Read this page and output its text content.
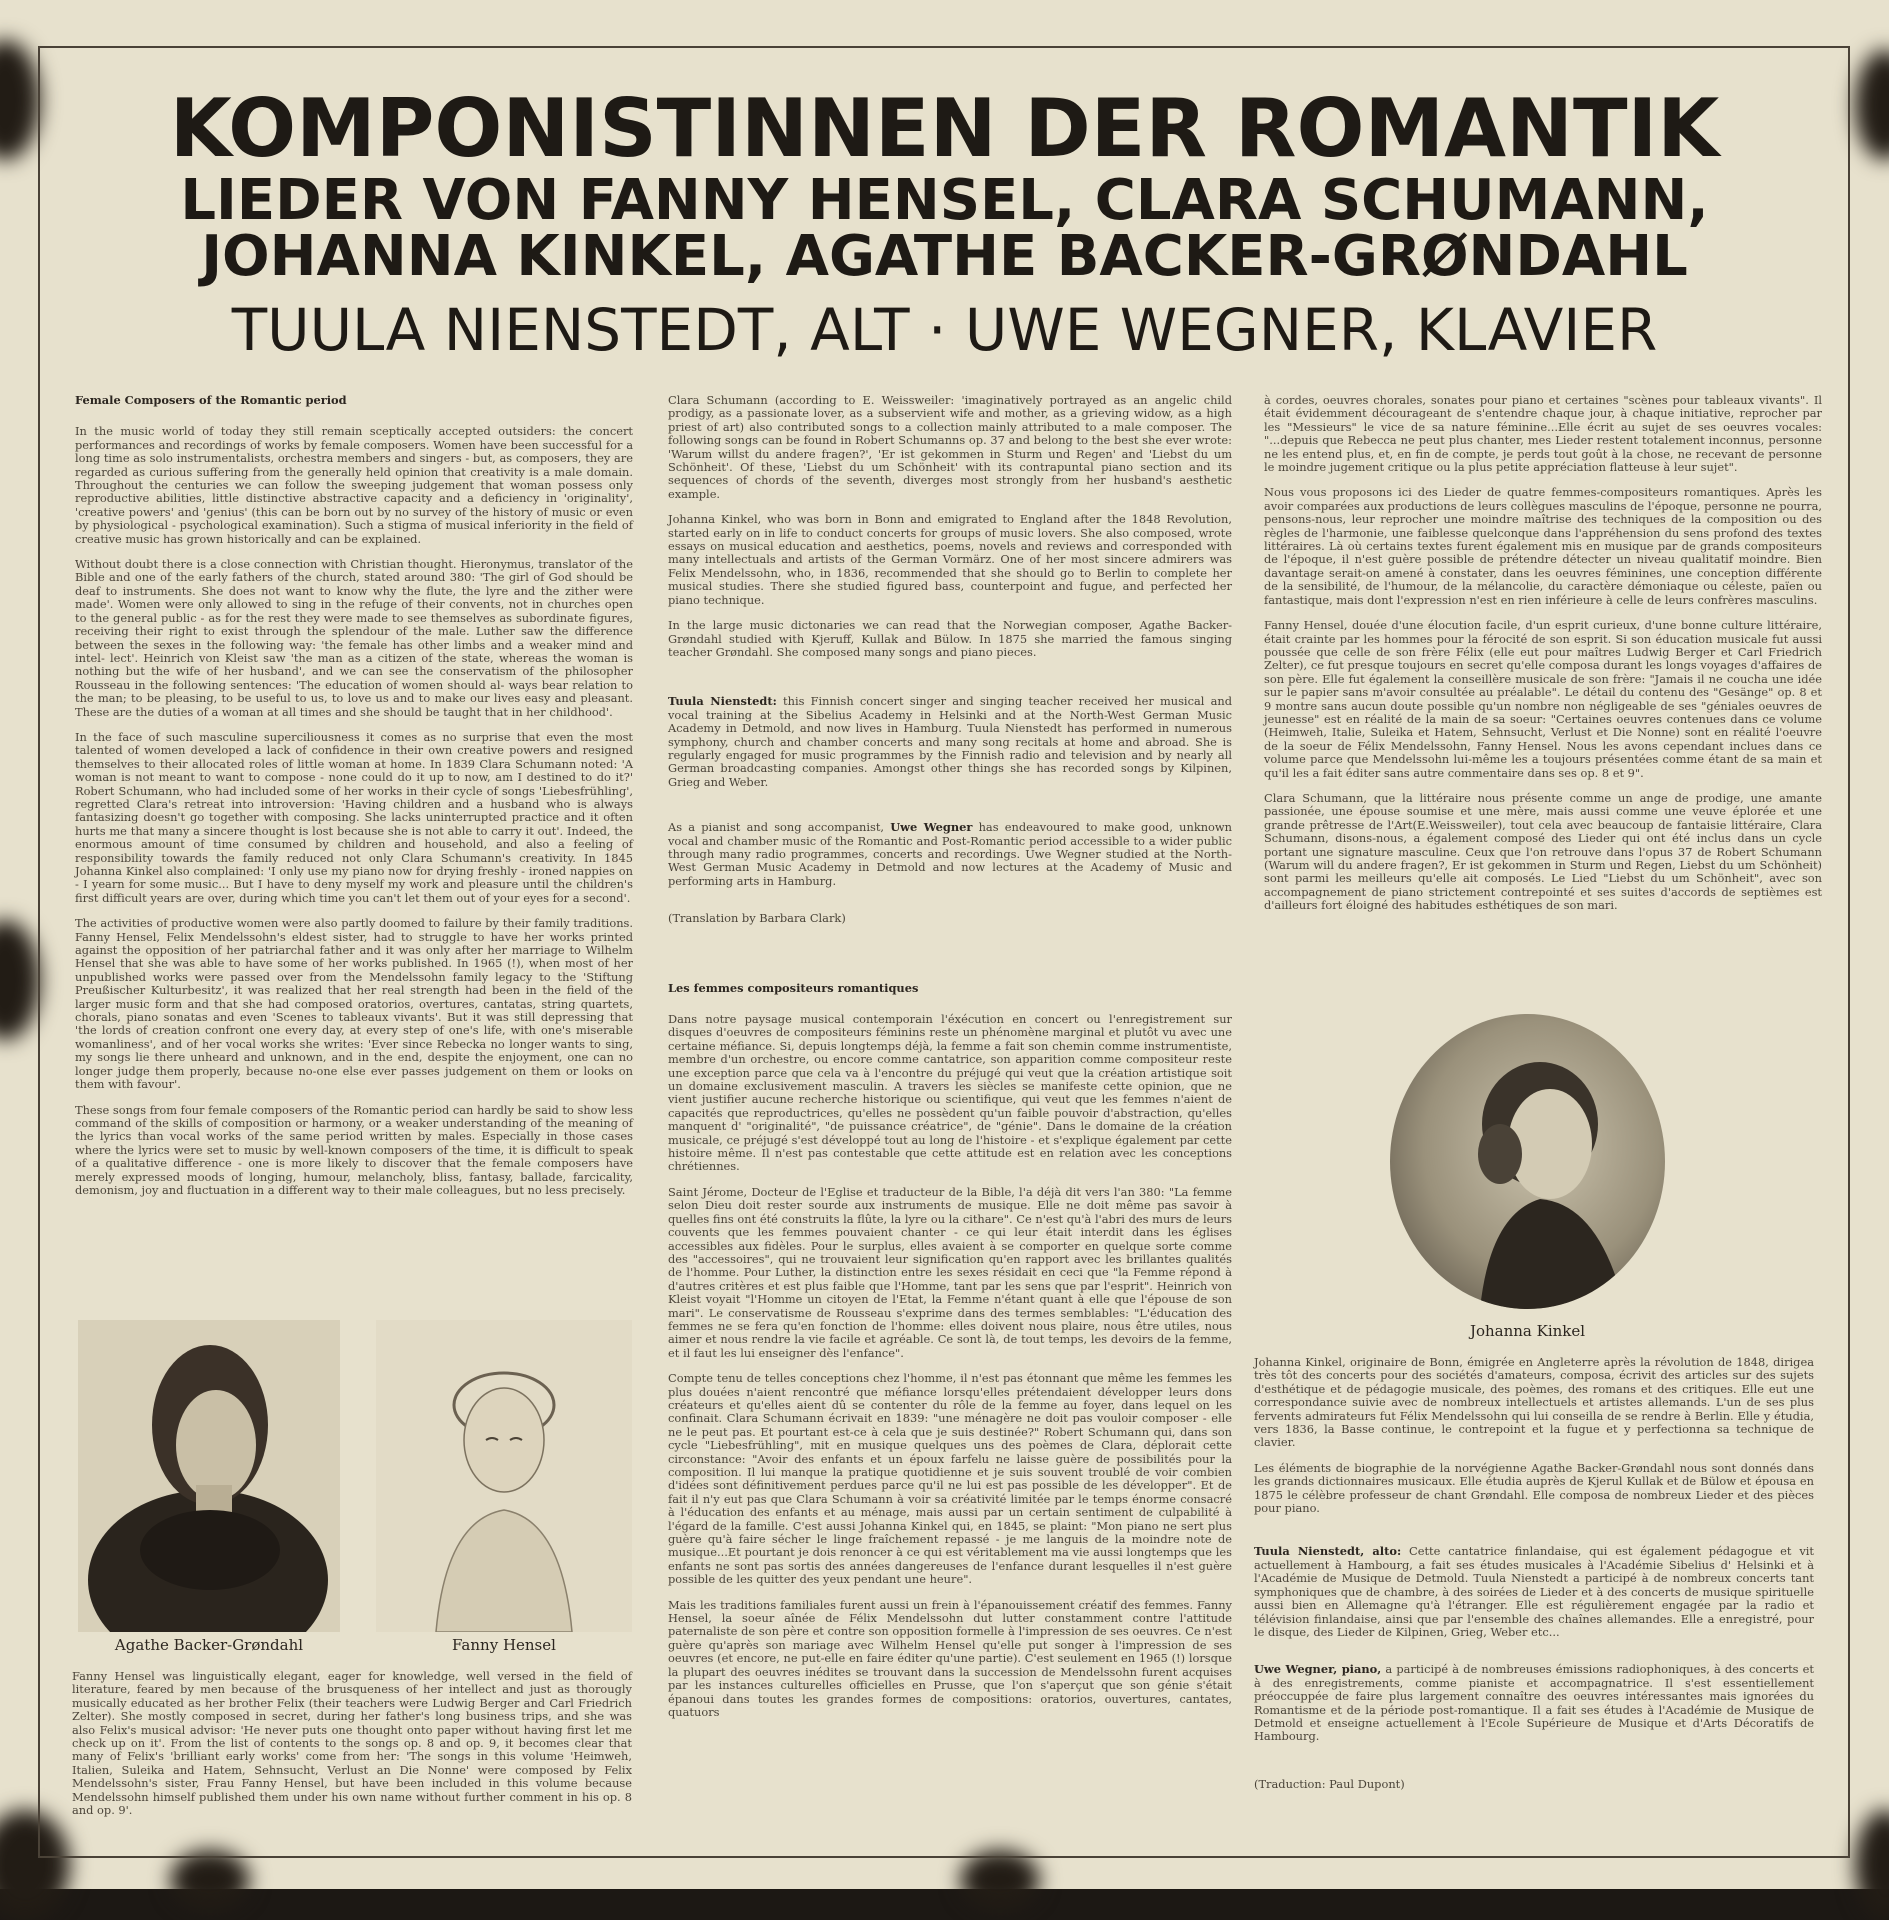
KOMPONISTINNEN DER ROMANTIK
LIEDER VON FANNY HENSEL, CLARA SCHUMANN,
JOHANNA KINKEL, AGATHE BACKER-GRØNDAHL
TUULA NIENSTEDT, ALT · UWE WEGNER, KLAVIER

Female Composers of the Romantic period

In the music world of today they still remain sceptically accepted outsiders: the concert performances and recordings of works by female composers. Women have been successful for a long time as solo instrumentalists, orchestra members and singers - but, as composers, they are regarded as curious suffering from the generally held opinion that creativity is a male domain. Throughout the centuries we can follow the sweeping judgement that woman possess only reproductive abilities, little distinctive abstractive capacity and a deficiency in 'originality', 'creative powers' and 'genius' (this can be born out by no survey of the history of music or even by physiological - psychological examination). Such a stigma of musical inferiority in the field of creative music has grown historically and can be explained.

Without doubt there is a close connection with Christian thought. Hieronymus, translator of the Bible and one of the early fathers of the church, stated around 380: 'The girl of God should be deaf to instruments. She does not want to know why the flute, the lyre and the zither were made'. Women were only allowed to sing in the refuge of their convents, not in churches open to the general public - as for the rest they were made to see themselves as subordinate figures, receiving their right to exist through the splendour of the male. Luther saw the difference between the sexes in the following way: 'the female has other limbs and a weaker mind and intel- lect'. Heinrich von Kleist saw 'the man as a citizen of the state, whereas the woman is nothing but the wife of her husband', and we can see the conservatism of the philosopher Rousseau in the following sentences: 'The education of women should al- ways bear relation to the man; to be pleasing, to be useful to us, to love us and to make our lives easy and pleasant. These are the duties of a woman at all times and she should be taught that in her childhood'.

In the face of such masculine superciliousness it comes as no surprise that even the most talented of women developed a lack of confidence in their own creative powers and resigned themselves to their allocated roles of little woman at home. In 1839 Clara Schumann noted: 'A woman is not meant to want to compose - none could do it up to now, am I destined to do it?' Robert Schumann, who had included some of her works in their cycle of songs 'Liebesfrühling', regretted Clara's retreat into introversion: 'Having children and a husband who is always fantasizing doesn't go together with composing. She lacks uninterrupted practice and it often hurts me that many a sincere thought is lost because she is not able to carry it out'. Indeed, the enormous amount of time consumed by children and household, and also a feeling of responsibility towards the family reduced not only Clara Schumann's creativity. In 1845 Johanna Kinkel also complained: 'I only use my piano now for drying freshly - ironed nappies on - I yearn for some music... But I have to deny myself my work and pleasure until the children's first difficult years are over, during which time you can't let them out of your eyes for a second'.

The activities of productive women were also partly doomed to failure by their family traditions. Fanny Hensel, Felix Mendelssohn's eldest sister, had to struggle to have her works printed against the opposition of her patriarchal father and it was only after her marriage to Wilhelm Hensel that she was able to have some of her works published. In 1965 (!), when most of her unpublished works were passed over from the Mendelssohn family legacy to the 'Stiftung Preußischer Kulturbesitz', it was realized that her real strength had been in the field of the larger music form and that she had composed oratorios, overtures, cantatas, string quartets, chorals, piano sonatas and even 'Scenes to tableaux vivants'. But it was still depressing that 'the lords of creation confront one every day, at every step of one's life, with one's miserable womanliness', and of her vocal works she writes: 'Ever since Rebecka no longer wants to sing, my songs lie there unheard and unknown, and in the end, despite the enjoyment, one can no longer judge them properly, because no-one else ever passes judgement on them or looks on them with favour'.

These songs from four female composers of the Romantic period can hardly be said to show less command of the skills of composition or harmony, or a weaker understanding of the meaning of the lyrics than vocal works of the same period written by males. Especially in those cases where the lyrics were set to music by well-known composers of the time, it is difficult to speak of a qualitative difference - one is more likely to discover that the female composers have merely expressed moods of longing, humour, melancholy, bliss, fantasy, ballade, farcicality, demonism, joy and fluctuation in a different way to their male colleagues, but no less precisely.

Agathe Backer-Grøndahl	Fanny Hensel

Fanny Hensel was linguistically elegant, eager for knowledge, well versed in the field of literature, feared by men because of the brusqueness of her intellect and just as thorougly musically educated as her brother Felix (their teachers were Ludwig Berger and Carl Friedrich Zelter). She mostly composed in secret, during her father's long business trips, and she was also Felix's musical advisor: 'He never puts one thought onto paper without having first let me check up on it'. From the list of contents to the songs op. 8 and op. 9, it becomes clear that many of Felix's 'brilliant early works' come from her: 'The songs in this volume 'Heimweh, Italien, Suleika and Hatem, Sehnsucht, Verlust an Die Nonne' were composed by Felix Mendelssohn's sister, Frau Fanny Hensel, but have been included in this volume because Mendelssohn himself published them under his own name without further comment in his op. 8 and op. 9'.

Clara Schumann (according to E. Weissweiler: 'imaginatively portrayed as an angelic child prodigy, as a passionate lover, as a subservient wife and mother, as a grieving widow, as a high priest of art) also contributed songs to a collection mainly attributed to a male composer. The following songs can be found in Robert Schumanns op. 37 and belong to the best she ever wrote: 'Warum willst du andere fragen?', 'Er ist gekommen in Sturm und Regen' and 'Liebst du um Schönheit'. Of these, 'Liebst du um Schönheit' with its contrapuntal piano section and its sequences of chords of the seventh, diverges most strongly from her husband's aesthetic example.

Johanna Kinkel, who was born in Bonn and emigrated to England after the 1848 Revolution, started early on in life to conduct concerts for groups of music lovers. She also composed, wrote essays on musical education and aesthetics, poems, novels and reviews and corresponded with many intellectuals and artists of the German Vormärz. One of her most sincere admirers was Felix Mendelssohn, who, in 1836, recommended that she should go to Berlin to complete her musical studies. There she studied figured bass, counterpoint and fugue, and perfected her piano technique.

In the large music dictonaries we can read that the Norwegian composer, Agathe Backer-Grøndahl studied with Kjeruff, Kullak and Bülow. In 1875 she married the famous singing teacher Grøndahl. She composed many songs and piano pieces.

Tuula Nienstedt: this Finnish concert singer and singing teacher received her musical and vocal training at the Sibelius Academy in Helsinki and at the North-West German Music Academy in Detmold, and now lives in Hamburg. Tuula Nienstedt has performed in numerous symphony, church and chamber concerts and many song recitals at home and abroad. She is regularly engaged for music programmes by the Finnish radio and television and by nearly all German broadcasting companies. Amongst other things she has recorded songs by Kilpinen, Grieg and Weber.

As a pianist and song accompanist, Uwe Wegner has endeavoured to make good, unknown vocal and chamber music of the Romantic and Post-Romantic period accessible to a wider public through many radio programmes, concerts and recordings. Uwe Wegner studied at the North-West German Music Academy in Detmold and now lectures at the Academy of Music and performing arts in Hamburg.

(Translation by Barbara Clark)

Les femmes compositeurs romantiques

Dans notre paysage musical contemporain l'éxécution en concert ou l'enregistrement sur disques d'oeuvres de compositeurs féminins reste un phénomène marginal et plutôt vu avec une certaine méfiance. Si, depuis longtemps déjà, la femme a fait son chemin comme instrumentiste, membre d'un orchestre, ou encore comme cantatrice, son apparition comme compositeur reste une exception parce que cela va à l'encontre du préjugé qui veut que la création artistique soit un domaine exclusivement masculin. A travers les siècles se manifeste cette opinion, que ne vient justifier aucune recherche historique ou scientifique, qui veut que les femmes n'aient de capacités que reproductrices, qu'elles ne possèdent qu'un faible pouvoir d'abstraction, qu'elles manquent d' "originalité", "de puissance créatrice", de "génie". Dans le domaine de la création musicale, ce préjugé s'est développé tout au long de l'histoire - et s'explique également par cette histoire même. Il n'est pas contestable que cette attitude est en relation avec les conceptions chrétiennes.

Saint Jérome, Docteur de l'Eglise et traducteur de la Bible, l'a déjà dit vers l'an 380: "La femme selon Dieu doit rester sourde aux instruments de musique. Elle ne doit même pas savoir à quelles fins ont été construits la flûte, la lyre ou la cithare". Ce n'est qu'à l'abri des murs de leurs couvents que les femmes pouvaient chanter - ce qui leur était interdit dans les églises accessibles aux fidèles. Pour le surplus, elles avaient à se comporter en quelque sorte comme des "accessoires", qui ne trouvaient leur signification qu'en rapport avec les brillantes qualités de l'homme. Pour Luther, la distinction entre les sexes résidait en ceci que "la Femme répond à d'autres critères et est plus faible que l'Homme, tant par les sens que par l'esprit". Heinrich von Kleist voyait "l'Homme un citoyen de l'Etat, la Femme n'étant quant à elle que l'épouse de son mari". Le conservatisme de Rousseau s'exprime dans des termes semblables: "L'éducation des femmes ne se fera qu'en fonction de l'homme: elles doivent nous plaire, nous être utiles, nous aimer et nous rendre la vie facile et agréable. Ce sont là, de tout temps, les devoirs de la femme, et il faut les lui enseigner dès l'enfance".

Compte tenu de telles conceptions chez l'homme, il n'est pas étonnant que même les femmes les plus douées n'aient rencontré que méfiance lorsqu'elles prétendaient développer leurs dons créateurs et qu'elles aient dû se contenter du rôle de la femme au foyer, dans lequel on les confinait. Clara Schumann écrivait en 1839: "une ménagère ne doit pas vouloir composer - elle ne le peut pas. Et pourtant est-ce à cela que je suis destinée?" Robert Schumann qui, dans son cycle "Liebesfrühling", mit en musique quelques uns des poèmes de Clara, déplorait cette circonstance: "Avoir des enfants et un époux farfelu ne laisse guère de possibilités pour la composition. Il lui manque la pratique quotidienne et je suis souvent troublé de voir combien d'idées sont définitivement perdues parce qu'il ne lui est pas possible de les développer". Et de fait il n'y eut pas que Clara Schumann à voir sa créativité limitée par le temps énorme consacré à l'éducation des enfants et au ménage, mais aussi par un certain sentiment de culpabilité à l'égard de la famille. C'est aussi Johanna Kinkel qui, en 1845, se plaint: "Mon piano ne sert plus guère qu'à faire sécher le linge fraîchement repassé - je me languis de la moindre note de musique...Et pourtant je dois renoncer à ce qui est véritablement ma vie aussi longtemps que les enfants ne sont pas sortis des années dangereuses de l'enfance durant lesquelles il n'est guère possible de les quitter des yeux pendant une heure".

Mais les traditions familiales furent aussi un frein à l'épanouissement créatif des femmes. Fanny Hensel, la soeur aînée de Félix Mendelssohn dut lutter constamment contre l'attitude paternaliste de son père et contre son opposition formelle à l'impression de ses oeuvres. Ce n'est guère qu'après son mariage avec Wilhelm Hensel qu'elle put songer à l'impression de ses oeuvres (et encore, ne put-elle en faire éditer qu'une partie). C'est seulement en 1965 (!) lorsque la plupart des oeuvres inédites se trouvant dans la succession de Mendelssohn furent acquises par les instances culturelles officielles en Prusse, que l'on s'aperçut que son génie s'était épanoui dans toutes les grandes formes de compositions: oratorios, ouvertures, cantates, quatuors

à cordes, oeuvres chorales, sonates pour piano et certaines "scènes pour tableaux vivants". Il était évidemment décourageant de s'entendre chaque jour, à chaque initiative, reprocher par les "Messieurs" le vice de sa nature féminine...Elle écrit au sujet de ses oeuvres vocales: "...depuis que Rebecca ne peut plus chanter, mes Lieder restent totalement inconnus, personne ne les entend plus, et, en fin de compte, je perds tout goût à la chose, ne recevant de personne le moindre jugement critique ou la plus petite appréciation flatteuse à leur sujet".

Nous vous proposons ici des Lieder de quatre femmes-compositeurs romantiques. Après les avoir comparées aux productions de leurs collègues masculins de l'époque, personne ne pourra, pensons-nous, leur reprocher une moindre maîtrise des techniques de la composition ou des règles de l'harmonie, une faiblesse quelconque dans l'appréhension du sens profond des textes littéraires. Là où certains textes furent également mis en musique par de grands compositeurs de l'époque, il n'est guère possible de prétendre détecter un niveau qualitatif moindre. Bien davantage serait-on amené à constater, dans les oeuvres féminines, une conception différente de la sensibilité, de l'humour, de la mélancolie, du caractère démoniaque ou céleste, païen ou fantastique, mais dont l'expression n'est en rien inférieure à celle de leurs confrères masculins.

Fanny Hensel, douée d'une élocution facile, d'un esprit curieux, d'une bonne culture littéraire, était crainte par les hommes pour la férocité de son esprit. Si son éducation musicale fut aussi poussée que celle de son frère Félix (elle eut pour maîtres Ludwig Berger et Carl Friedrich Zelter), ce fut presque toujours en secret qu'elle composa durant les longs voyages d'affaires de son père. Elle fut également la conseillère musicale de son frère: "Jamais il ne coucha une idée sur le papier sans m'avoir consultée au préalable". Le détail du contenu des "Gesänge" op. 8 et 9 montre sans aucun doute possible qu'un nombre non négligeable de ses "géniales oeuvres de jeunesse" est en réalité de la main de sa soeur: "Certaines oeuvres contenues dans ce volume (Heimweh, Italie, Suleika et Hatem, Sehnsucht, Verlust et Die Nonne) sont en réalité l'oeuvre de la soeur de Félix Mendelssohn, Fanny Hensel. Nous les avons cependant inclues dans ce volume parce que Mendelssohn lui-même les a toujours présentées comme étant de sa main et qu'il les a fait éditer sans autre commentaire dans ses op. 8 et 9".

Clara Schumann, que la littéraire nous présente comme un ange de prodige, une amante passionée, une épouse soumise et une mère, mais aussi comme une veuve éplorée et une grande prêtresse de l'Art(E.Weissweiler), tout cela avec beaucoup de fantaisie littéraire, Clara Schumann, disons-nous, a également composé des Lieder qui ont été inclus dans un cycle portant une signature masculine. Ceux que l'on retrouve dans l'opus 37 de Robert Schumann (Warum will du andere fragen?, Er ist gekommen in Sturm und Regen, Liebst du um Schönheit) sont parmi les meilleurs qu'elle ait composés. Le Lied "Liebst du um Schönheit", avec son accompagnement de piano strictement contrepointé et ses suites d'accords de septièmes est d'ailleurs fort éloigné des habitudes esthétiques de son mari.

Johanna Kinkel

Johanna Kinkel, originaire de Bonn, émigrée en Angleterre après la révolution de 1848, dirigea très tôt des concerts pour des sociétés d'amateurs, composa, écrivit des articles sur des sujets d'esthétique et de pédagogie musicale, des poèmes, des romans et des critiques. Elle eut une correspondance suivie avec de nombreux intellectuels et artistes allemands. L'un de ses plus fervents admirateurs fut Félix Mendelssohn qui lui conseilla de se rendre à Berlin. Elle y étudia, vers 1836, la Basse continue, le contrepoint et la fugue et y perfectionna sa technique de clavier.

Les éléments de biographie de la norvégienne Agathe Backer-Grøndahl nous sont donnés dans les grands dictionnaires musicaux. Elle étudia auprès de Kjerul Kullak et de Bülow et épousa en 1875 le célèbre professeur de chant Grøndahl. Elle composa de nombreux Lieder et des pièces pour piano.

Tuula Nienstedt, alto: Cette cantatrice finlandaise, qui est également pédagogue et vit actuellement à Hambourg, a fait ses études musicales à l'Académie Sibelius d' Helsinki et à l'Académie de Musique de Detmold. Tuula Nienstedt a participé à de nombreux concerts tant symphoniques que de chambre, à des soirées de Lieder et à des concerts de musique spirituelle aussi bien en Allemagne qu'à l'étranger. Elle est régulièrement engagée par la radio et télévision finlandaise, ainsi que par l'ensemble des chaînes allemandes. Elle a enregistré, pour le disque, des Lieder de Kilpinen, Grieg, Weber etc...

Uwe Wegner, piano, a participé à de nombreuses émissions radiophoniques, à des concerts et à des enregistrements, comme pianiste et accompagnatrice. Il s'est essentiellement préoccuppée de faire plus largement connaître des oeuvres intéressantes mais ignorées du Romantisme et de la période post-romantique. Il a fait ses études à l'Académie de Musique de Detmold et enseigne actuellement à l'Ecole Supérieure de Musique et d'Arts Décoratifs de Hambourg.

(Traduction: Paul Dupont)
